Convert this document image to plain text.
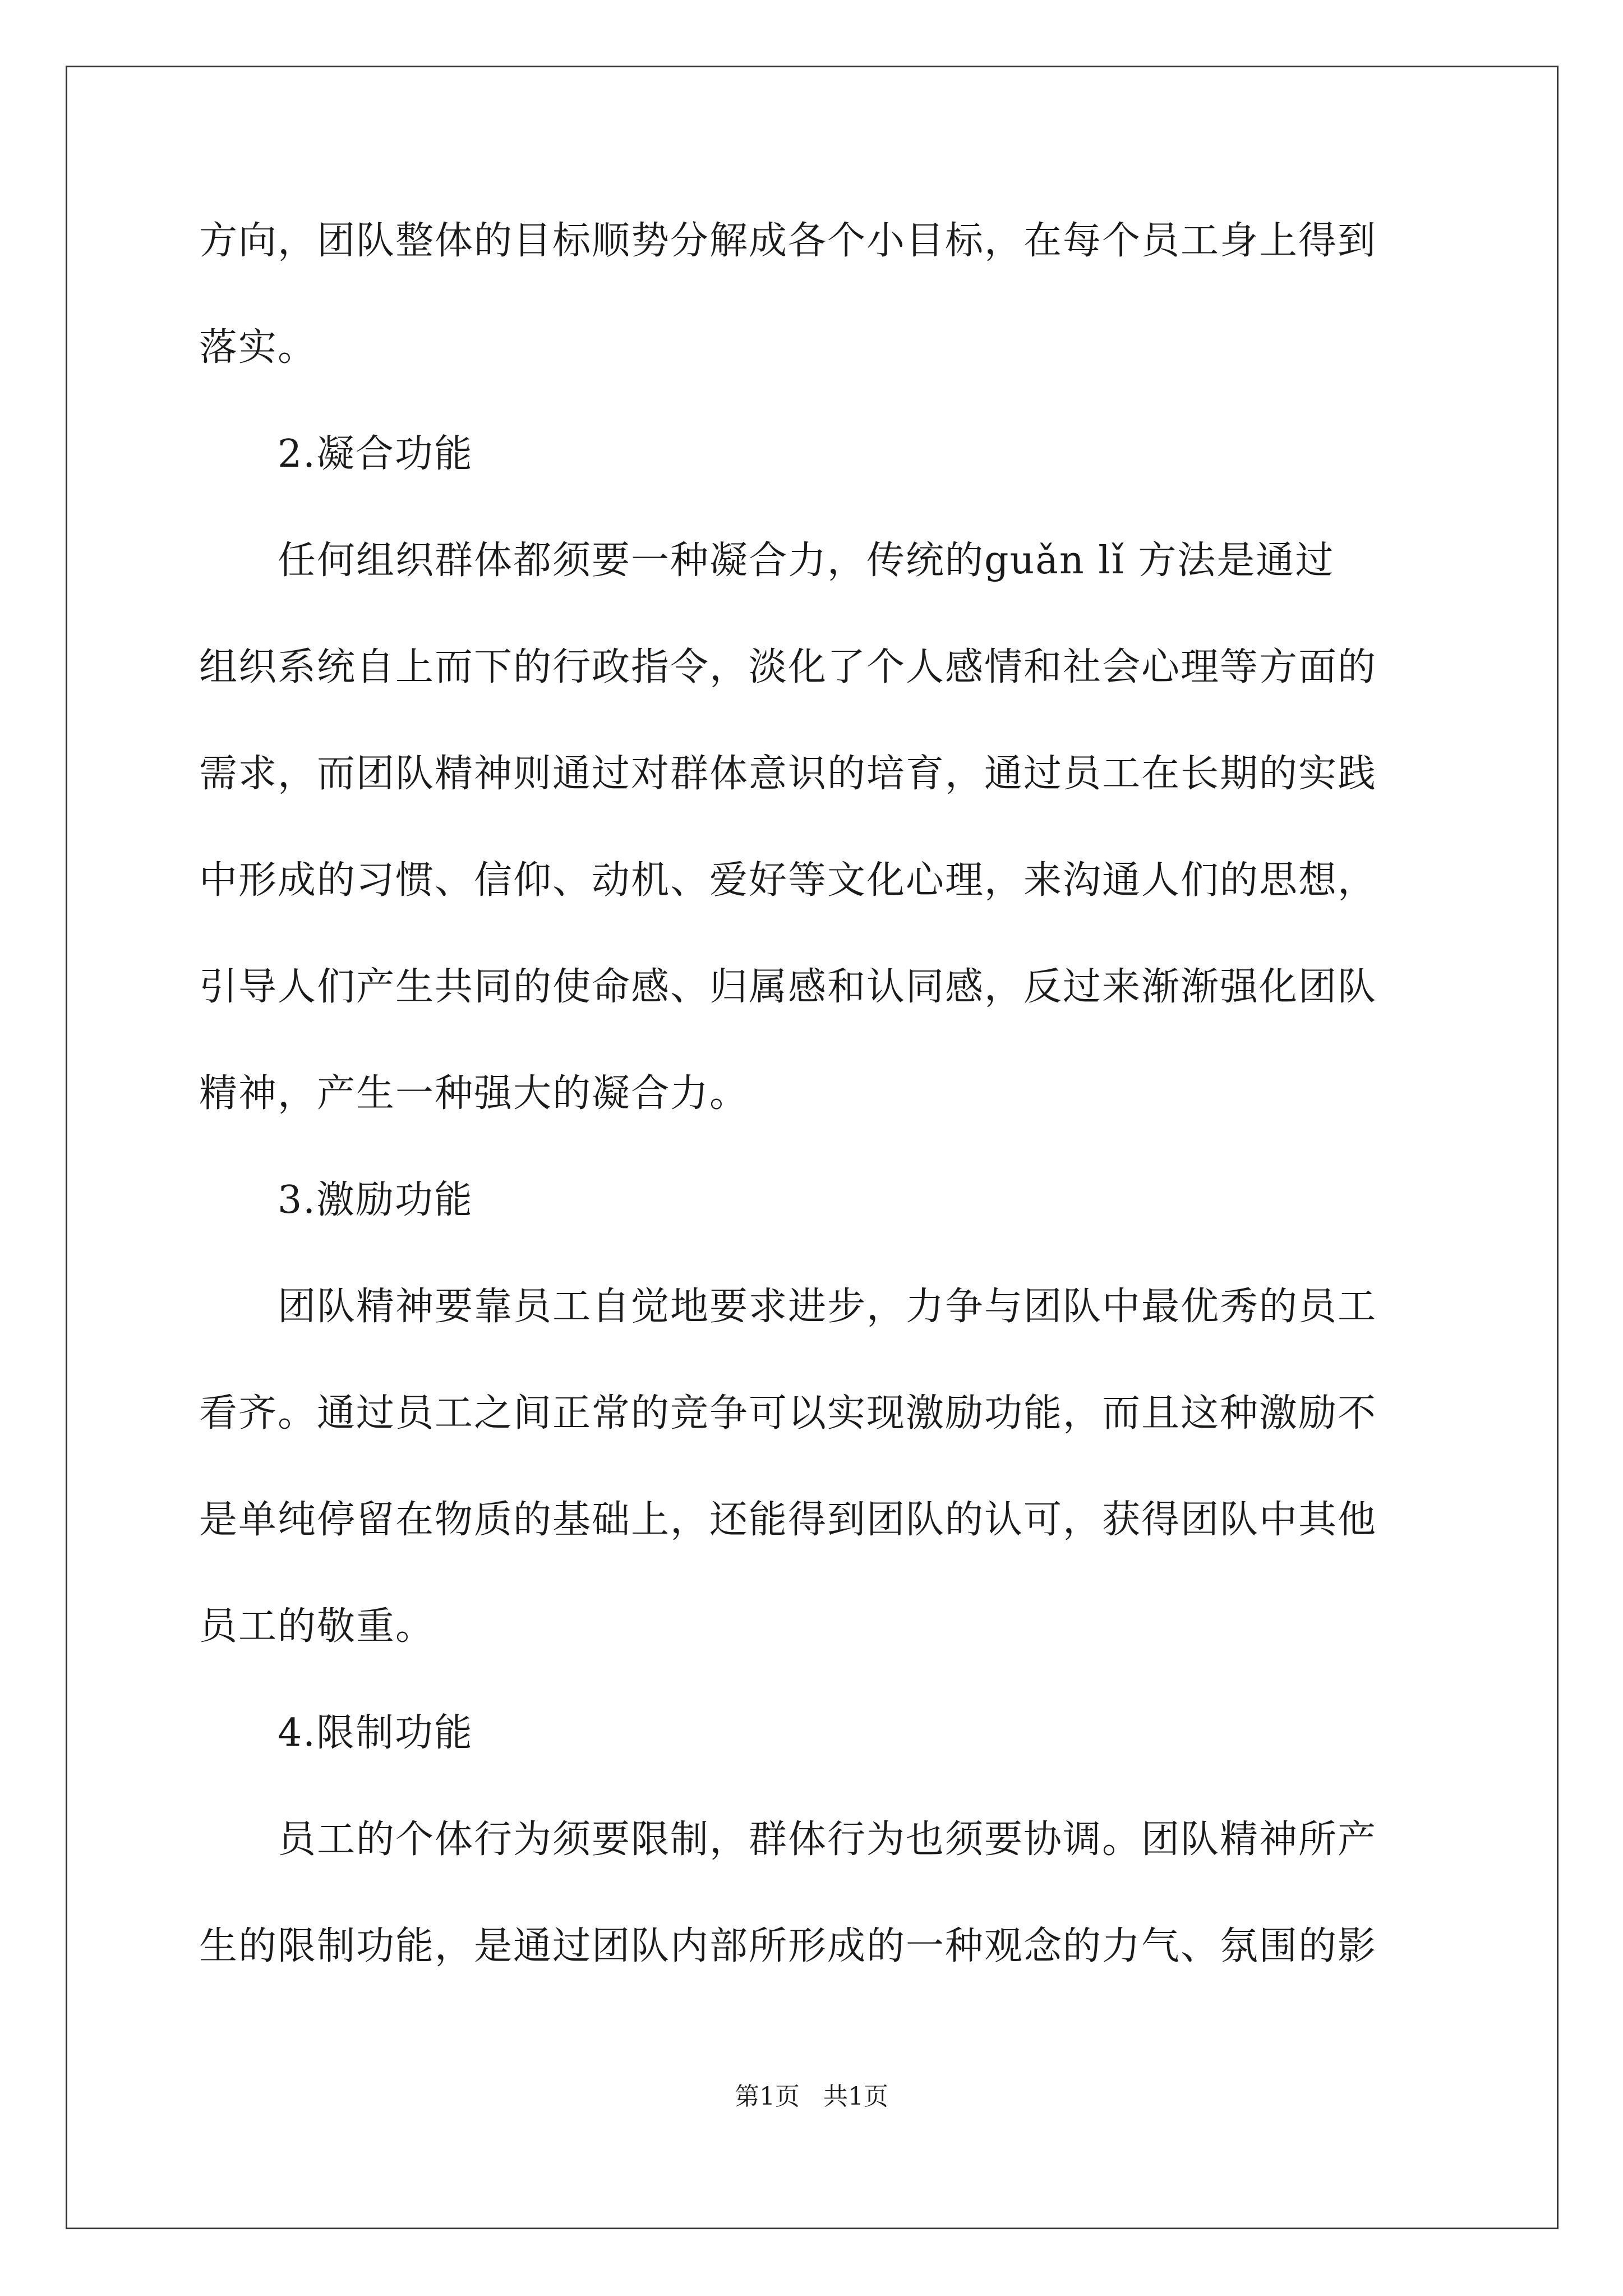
方向，团队整体的目标顺势分解成各个小目标，在每个员工身上得到
落实。
2.凝合功能
任何组织群体都须要一种凝合力，传统的guǎn lǐ 方法是通过
组织系统自上而下的行政指令，淡化了个人感情和社会心理等方面的
需求，而团队精神则通过对群体意识的培育，通过员工在长期的实践
中形成的习惯、信仰、动机、爱好等文化心理，来沟通人们的思想，
引导人们产生共同的使命感、归属感和认同感，反过来渐渐强化团队
精神，产生一种强大的凝合力。
3.激励功能
团队精神要靠员工自觉地要求进步，力争与团队中最优秀的员工
看齐。通过员工之间正常的竞争可以实现激励功能，而且这种激励不
是单纯停留在物质的基础上，还能得到团队的认可，获得团队中其他
员工的敬重。
4.限制功能
员工的个体行为须要限制，群体行为也须要协调。团队精神所产
生的限制功能，是通过团队内部所形成的一种观念的力气、氛围的影
第1页   共1页
